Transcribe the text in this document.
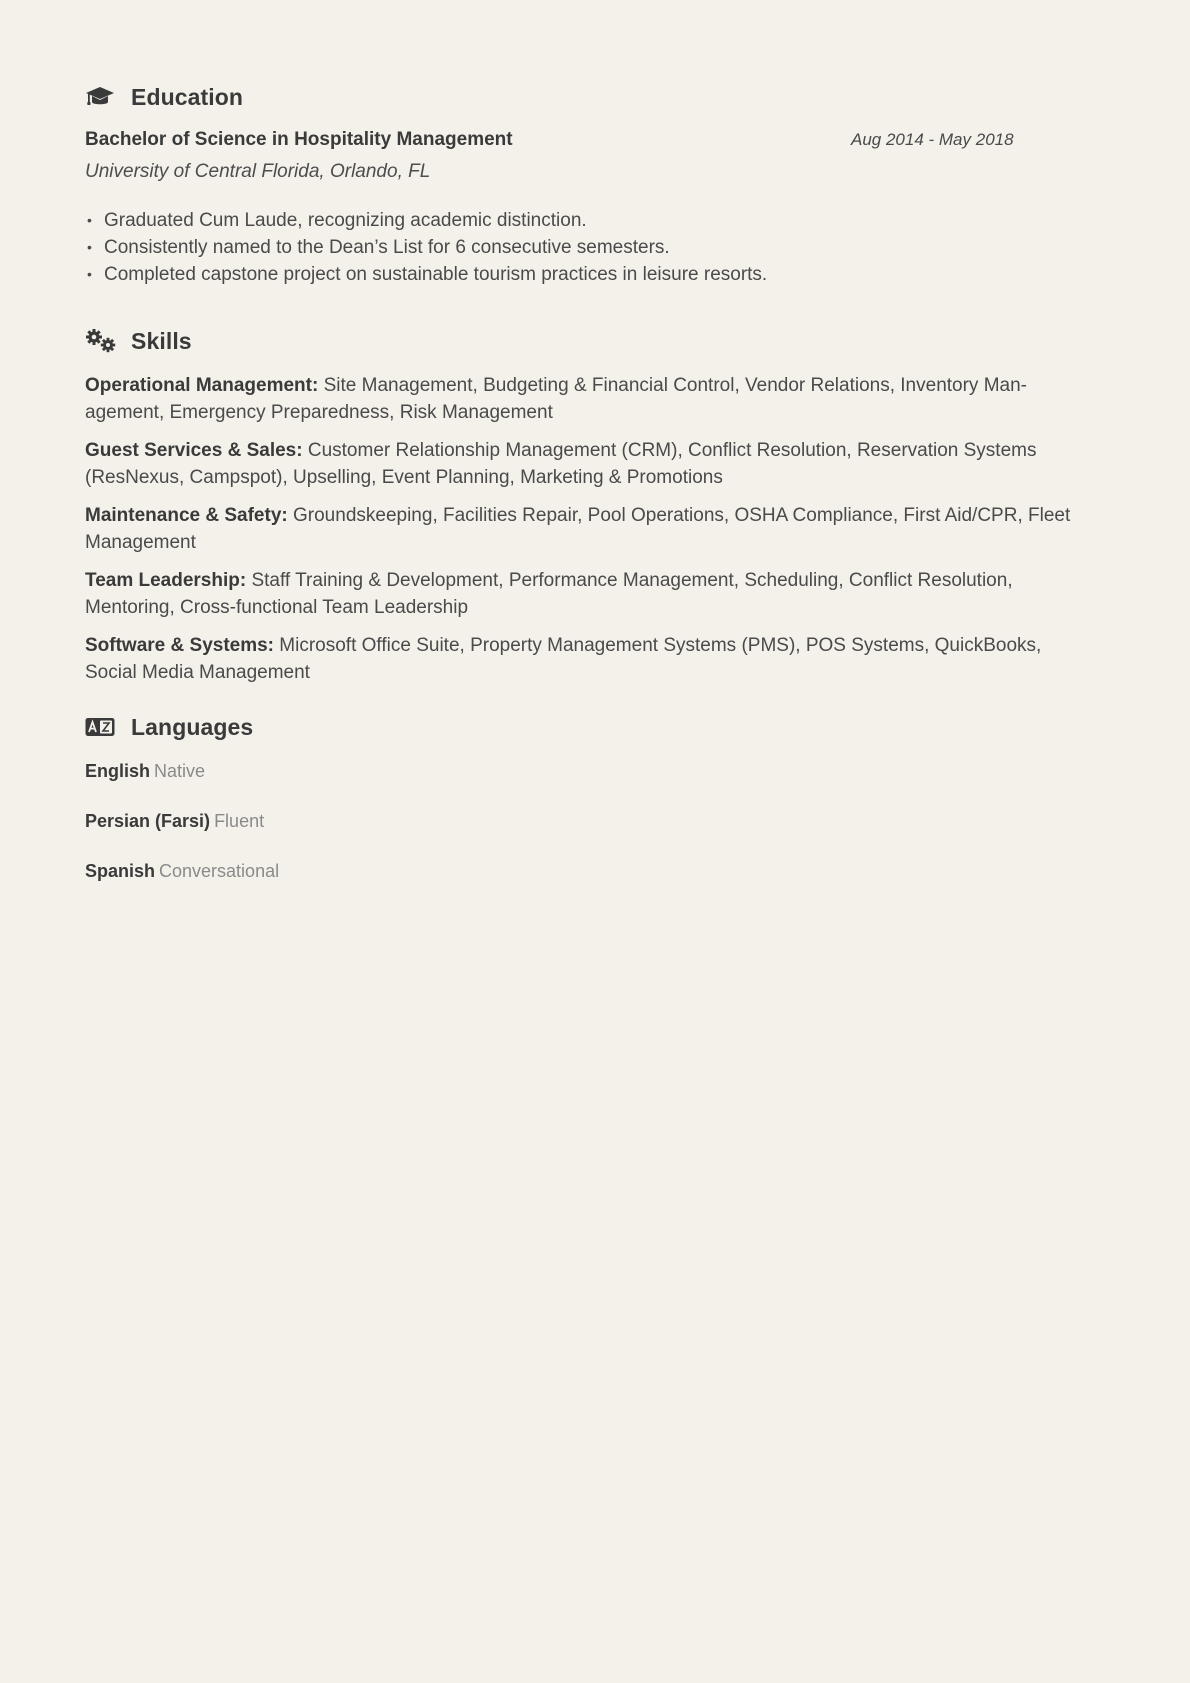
Education
Bachelor of Science in Hospitality Management	Aug 2014 - May 2018
University of Central Florida, Orlando, FL
• Graduated Cum Laude, recognizing academic distinction.
• Consistently named to the Dean’s List for 6 consecutive semesters.
• Completed capstone project on sustainable tourism practices in leisure resorts.
Skills

Operational Management: Site Management, Budgeting & Financial Control, Vendor Relations, Inventory Man-agement, Emergency Preparedness, Risk Management

Guest Services & Sales: Customer Relationship Management (CRM), Conflict Resolution, Reservation Systems (ResNexus, Campspot), Upselling, Event Planning, Marketing & Promotions

Maintenance & Safety: Groundskeeping, Facilities Repair, Pool Operations, OSHA Compliance, First Aid/CPR, Fleet Management

Team Leadership: Staff Training & Development, Performance Management, Scheduling, Conflict Resolution, Mentoring, Cross-functional Team Leadership

Software & Systems: Microsoft Office Suite, Property Management Systems (PMS), POS Systems, QuickBooks, Social Media Management

Languages
English Native
Persian (Farsi) Fluent
Spanish Conversational
